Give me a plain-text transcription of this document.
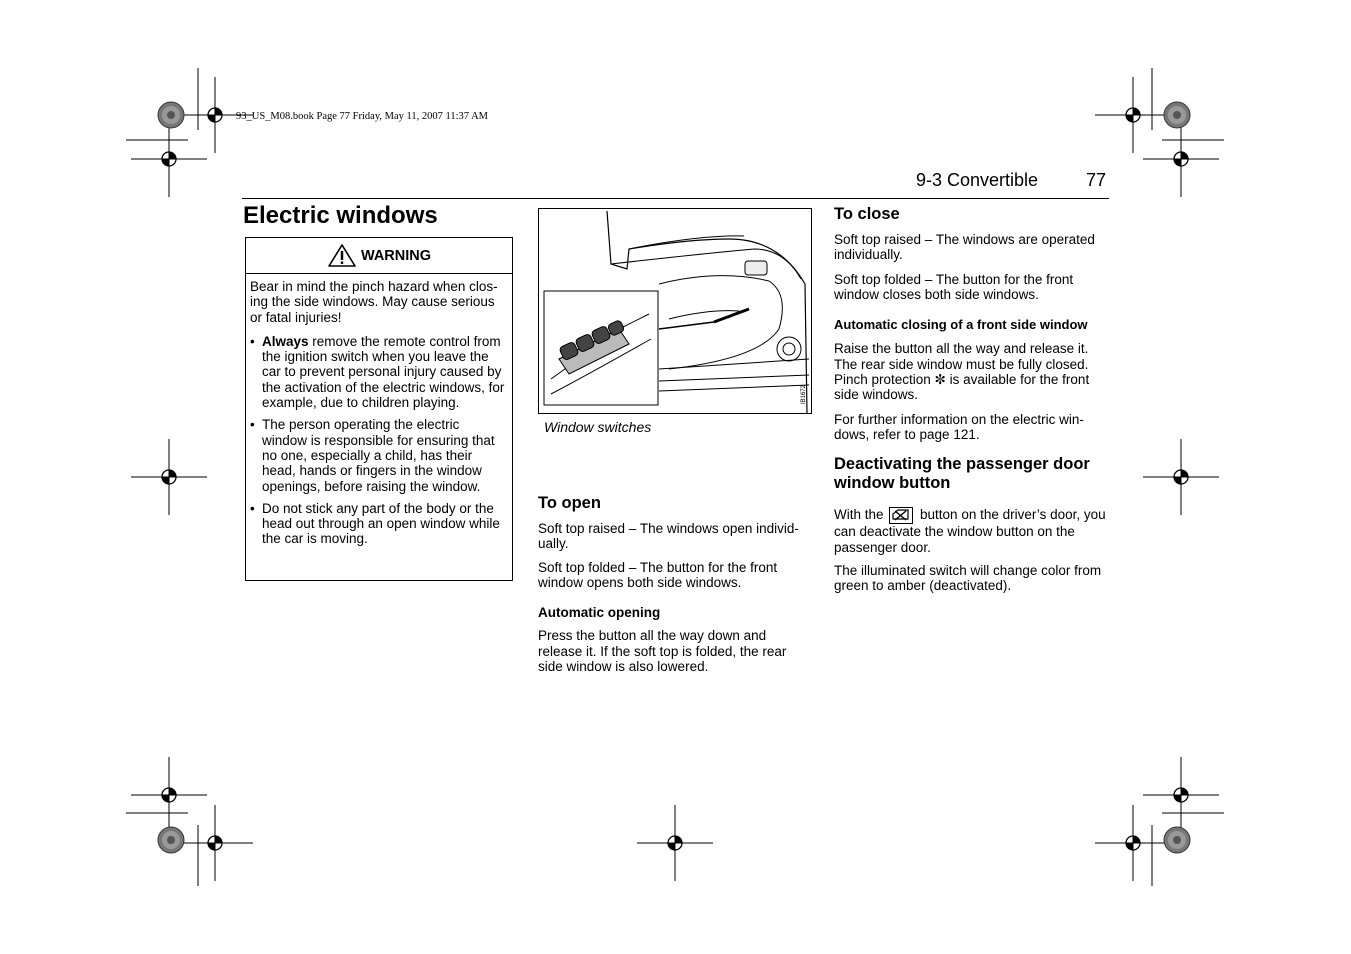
93_US_M08.book Page 77 Friday, May 11, 2007 11:37 AM
9-3 Convertible	77
Electric windows
WARNING

Bear in mind the pinch hazard when clos-ing the side windows. May cause serious or fatal injuries!

• Always remove the remote control from the ignition switch when you leave the car to prevent personal injury caused by the activation of the electric windows, for example, due to children playing.
• The person operating the electric window is responsible for ensuring that no one, especially a child, has their head, hands or fingers in the window openings, before raising the window.
• Do not stick any part of the body or the head out through an open window while the car is moving.
IB1672
Window switches
To open

Soft top raised – The windows open individ-ually.

Soft top folded – The button for the front window opens both side windows.

Automatic opening

Press the button all the way down and release it. If the soft top is folded, the rear side window is also lowered.

To close

Soft top raised – The windows are operated individually.

Soft top folded – The button for the front window closes both side windows.

Automatic closing of a front side window

Raise the button all the way and release it. The rear side window must be fully closed. Pinch protection ✼ is available for the front side windows.

For further information on the electric win-dows, refer to page 121.

Deactivating the passenger door window button

With the  button on the driver’s door, you can deactivate the window button on the passenger door.

The illuminated switch will change color from green to amber (deactivated).
